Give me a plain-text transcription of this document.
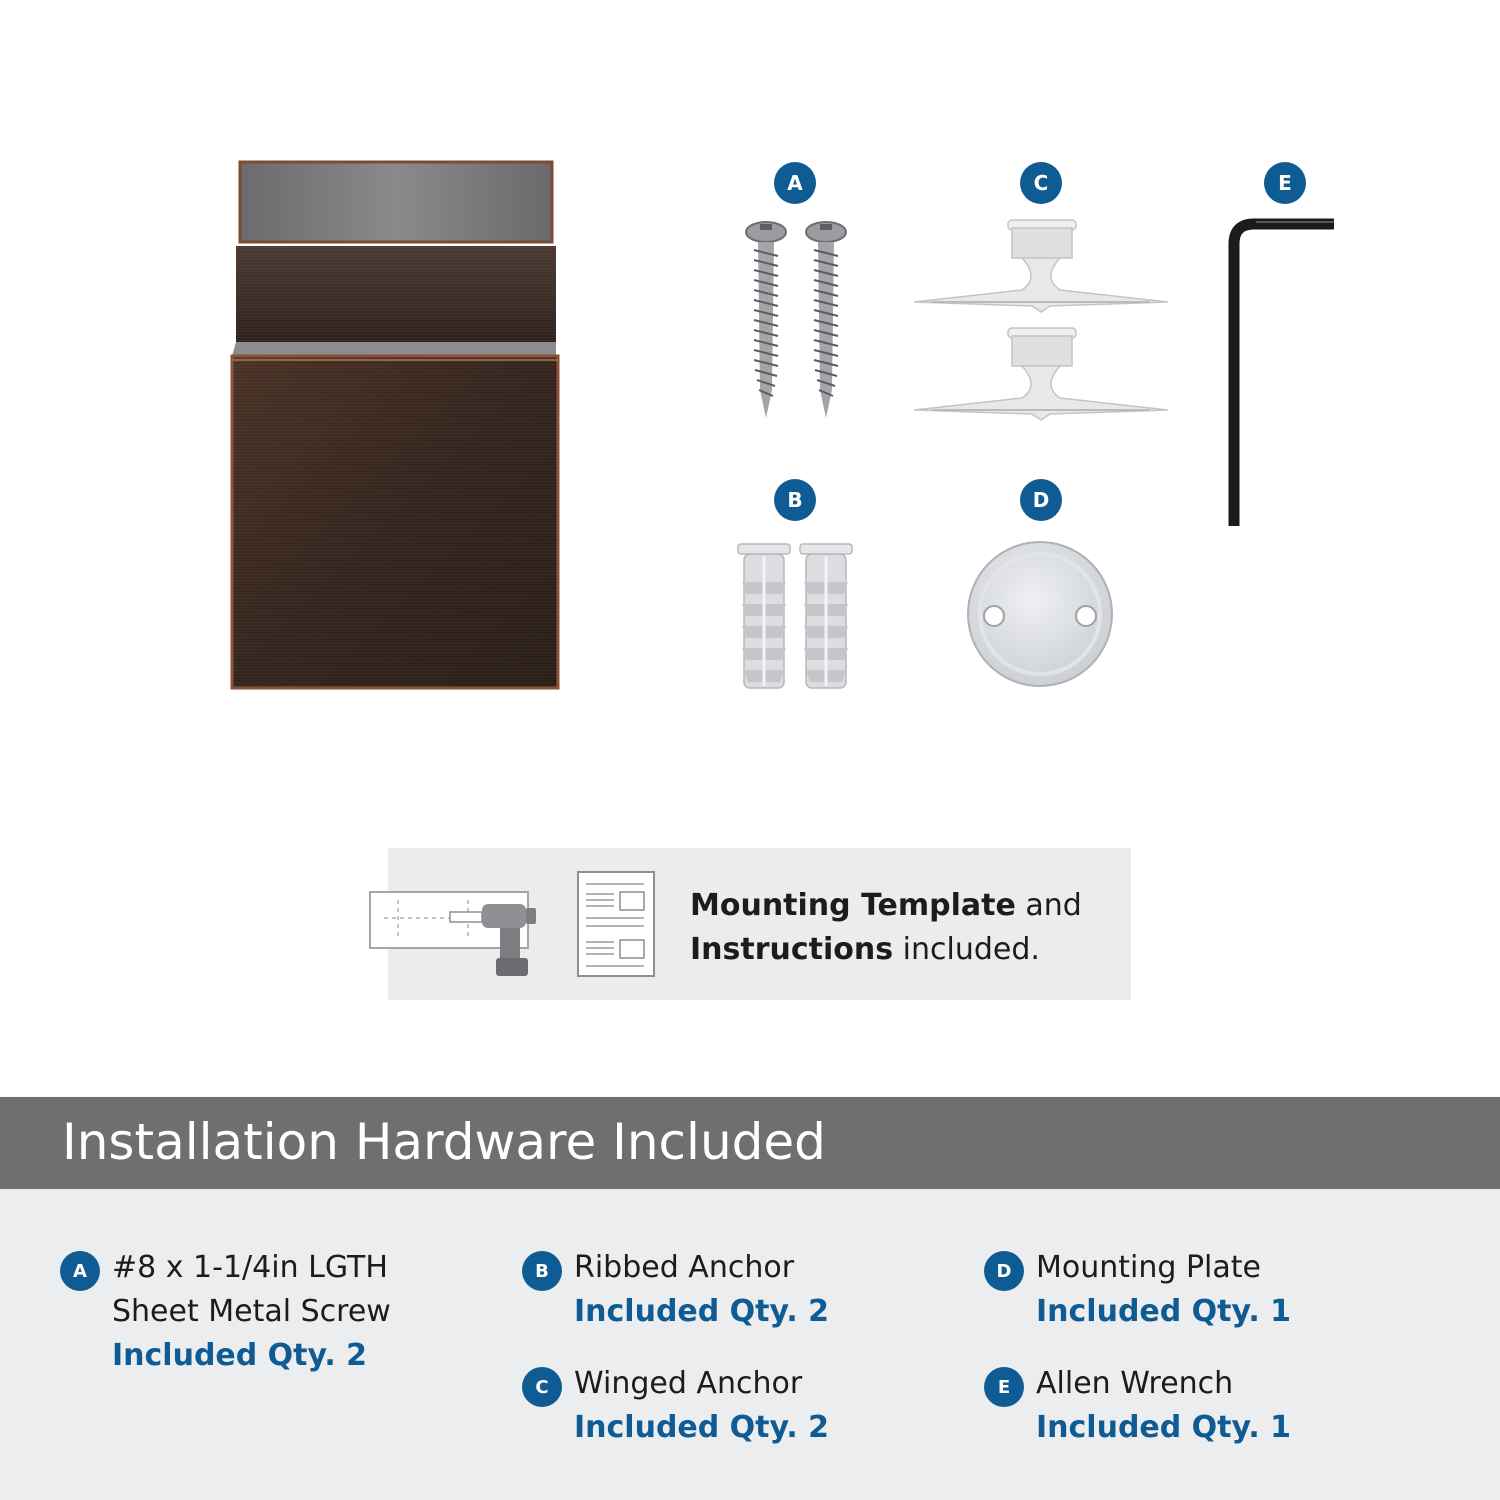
A
B
C
D
E
Mounting Template and
Instructions included.
Installation Hardware Included
A #8 x 1-1/4in LGTH
Sheet Metal Screw
Included Qty. 2
B Ribbed Anchor
Included Qty. 2
C Winged Anchor
Included Qty. 2
D Mounting Plate
Included Qty. 1
E Allen Wrench
Included Qty. 1
